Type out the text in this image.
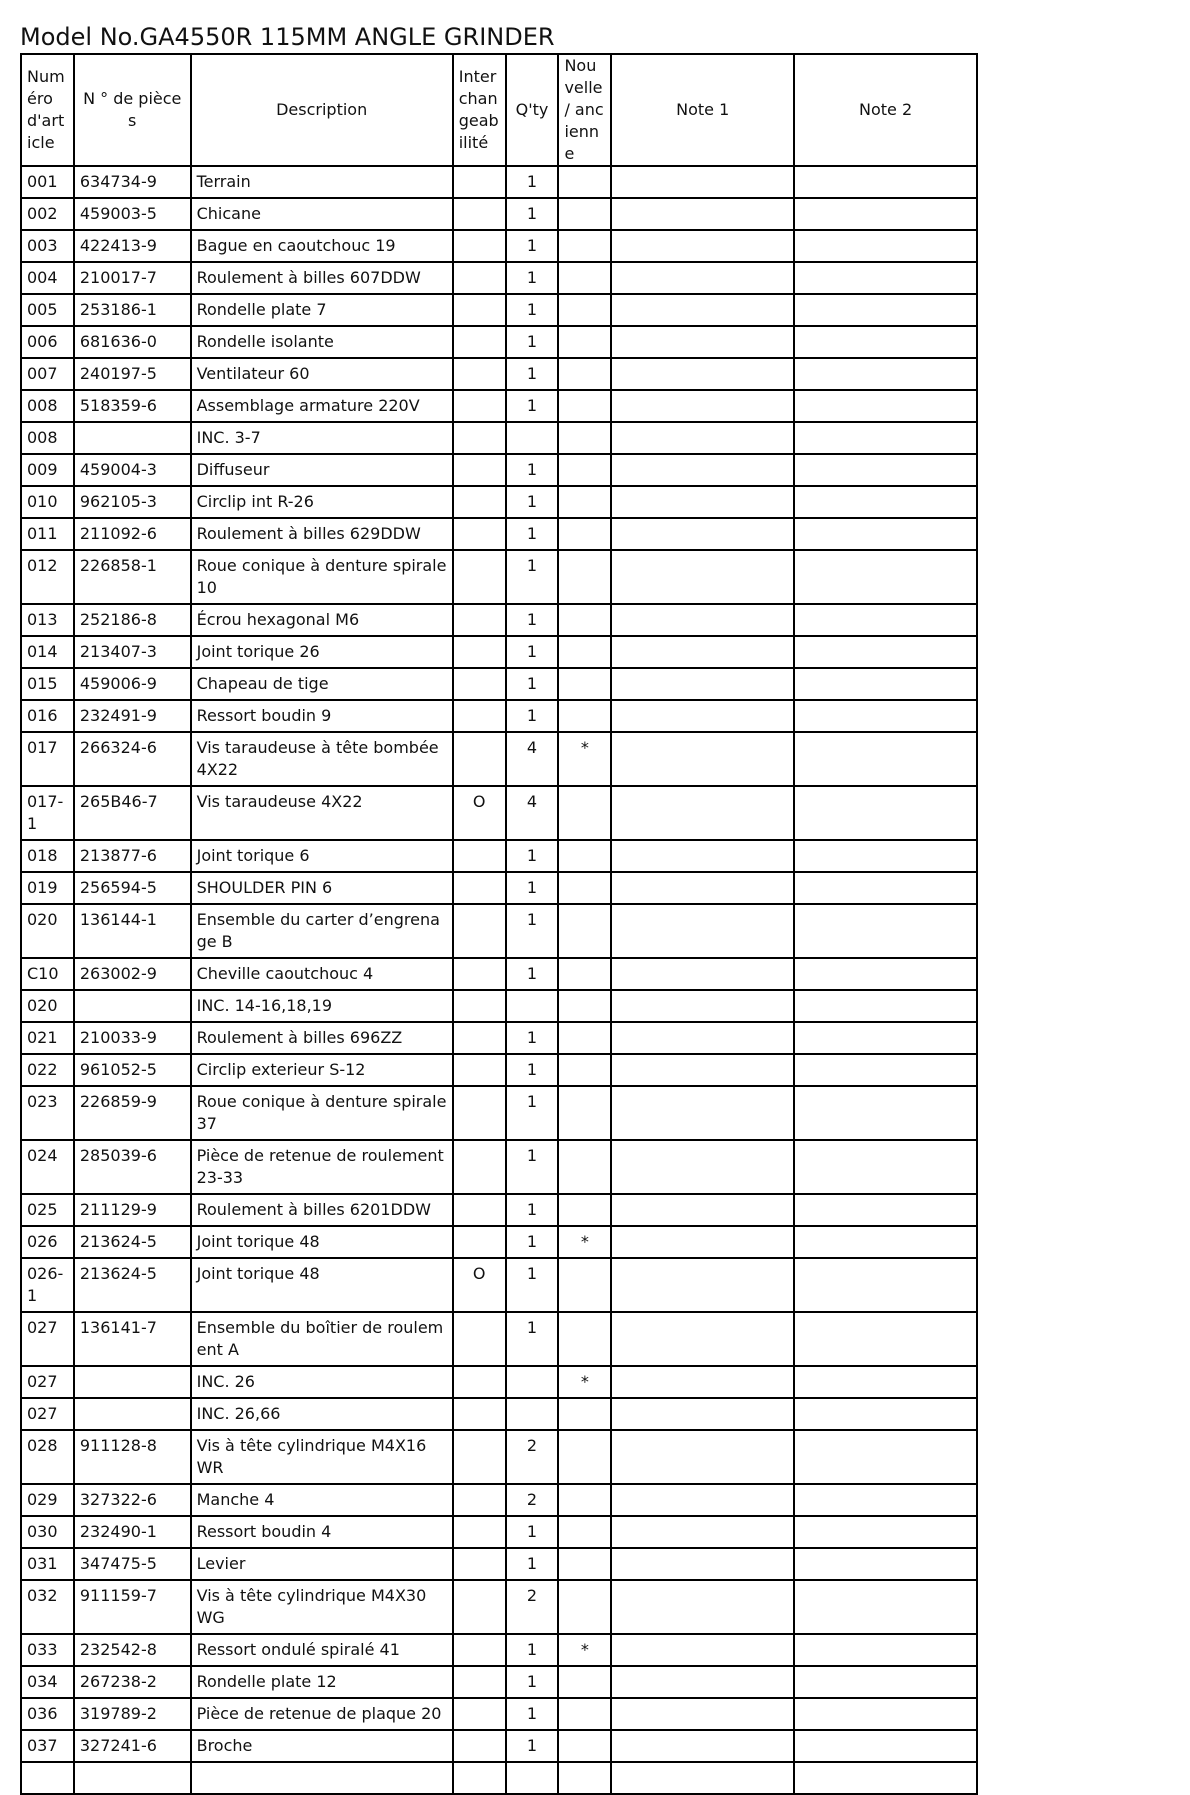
Model No.GA4550R 115MM ANGLE GRINDER
Numéro d'article	N ° de pièces	Description	Interchangeabilité	Q'ty	Nouvelle / ancienne	Note 1	Note 2
001	634734-9	Terrain		1			
002	459003-5	Chicane		1			
003	422413-9	Bague en caoutchouc 19		1			
004	210017-7	Roulement à billes 607DDW		1			
005	253186-1	Rondelle plate 7		1			
006	681636-0	Rondelle isolante		1			
007	240197-5	Ventilateur 60		1			
008	518359-6	Assemblage armature 220V		1			
008		INC. 3-7					
009	459004-3	Diffuseur		1			
010	962105-3	Circlip int R-26		1			
011	211092-6	Roulement à billes 629DDW		1			
012	226858-1	Roue conique à denture spirale 10		1			
013	252186-8	Écrou hexagonal M6		1			
014	213407-3	Joint torique 26		1			
015	459006-9	Chapeau de tige		1			
016	232491-9	Ressort boudin 9		1			
017	266324-6	Vis taraudeuse à tête bombée 4X22		4	*		
017-1	265B46-7	Vis taraudeuse 4X22	O	4			
018	213877-6	Joint torique 6		1			
019	256594-5	SHOULDER PIN 6		1			
020	136144-1	Ensemble du carter d’engrenage B		1			
C10	263002-9	Cheville caoutchouc 4		1			
020		INC. 14-16,18,19					
021	210033-9	Roulement à billes 696ZZ		1			
022	961052-5	Circlip exterieur S-12		1			
023	226859-9	Roue conique à denture spirale 37		1			
024	285039-6	Pièce de retenue de roulement 23-33		1			
025	211129-9	Roulement à billes 6201DDW		1			
026	213624-5	Joint torique 48		1	*		
026-1	213624-5	Joint torique 48	O	1			
027	136141-7	Ensemble du boîtier de roulement A		1			
027		INC. 26			*		
027		INC. 26,66					
028	911128-8	Vis à tête cylindrique M4X16 WR		2			
029	327322-6	Manche 4		2			
030	232490-1	Ressort boudin 4		1			
031	347475-5	Levier		1			
032	911159-7	Vis à tête cylindrique M4X30 WG		2			
033	232542-8	Ressort ondulé spiralé 41		1	*		
034	267238-2	Rondelle plate 12		1			
036	319789-2	Pièce de retenue de plaque 20		1			
037	327241-6	Broche		1			
